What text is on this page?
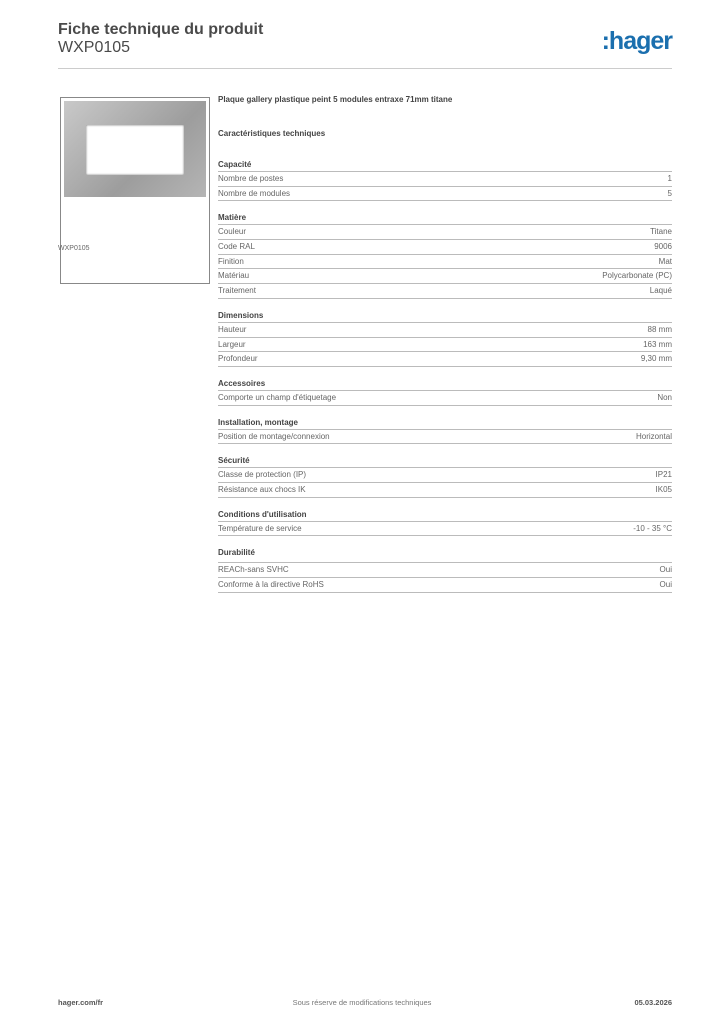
Fiche technique du produit
WXP0105	:hager
WXP0105
Plaque gallery plastique peint 5 modules entraxe 71mm titane
Caractéristiques techniques
Capacité
Nombre de postes	1
Nombre de modules	5
Matière
Couleur	Titane
Code RAL	9006
Finition	Mat
Matériau	Polycarbonate (PC)
Traitement	Laqué
Dimensions
Hauteur	88 mm
Largeur	163 mm
Profondeur	9,30 mm
Accessoires
Comporte un champ d'étiquetage	Non
Installation, montage
Position de montage/connexion	Horizontal
Sécurité
Classe de protection (IP)	IP21
Résistance aux chocs IK	IK05
Conditions d'utilisation
Température de service	-10 - 35 °C
Durabilité
REACh-sans SVHC	Oui
Conforme à la directive RoHS	Oui
hager.com/fr	Sous réserve de modifications techniques	05.03.2026
